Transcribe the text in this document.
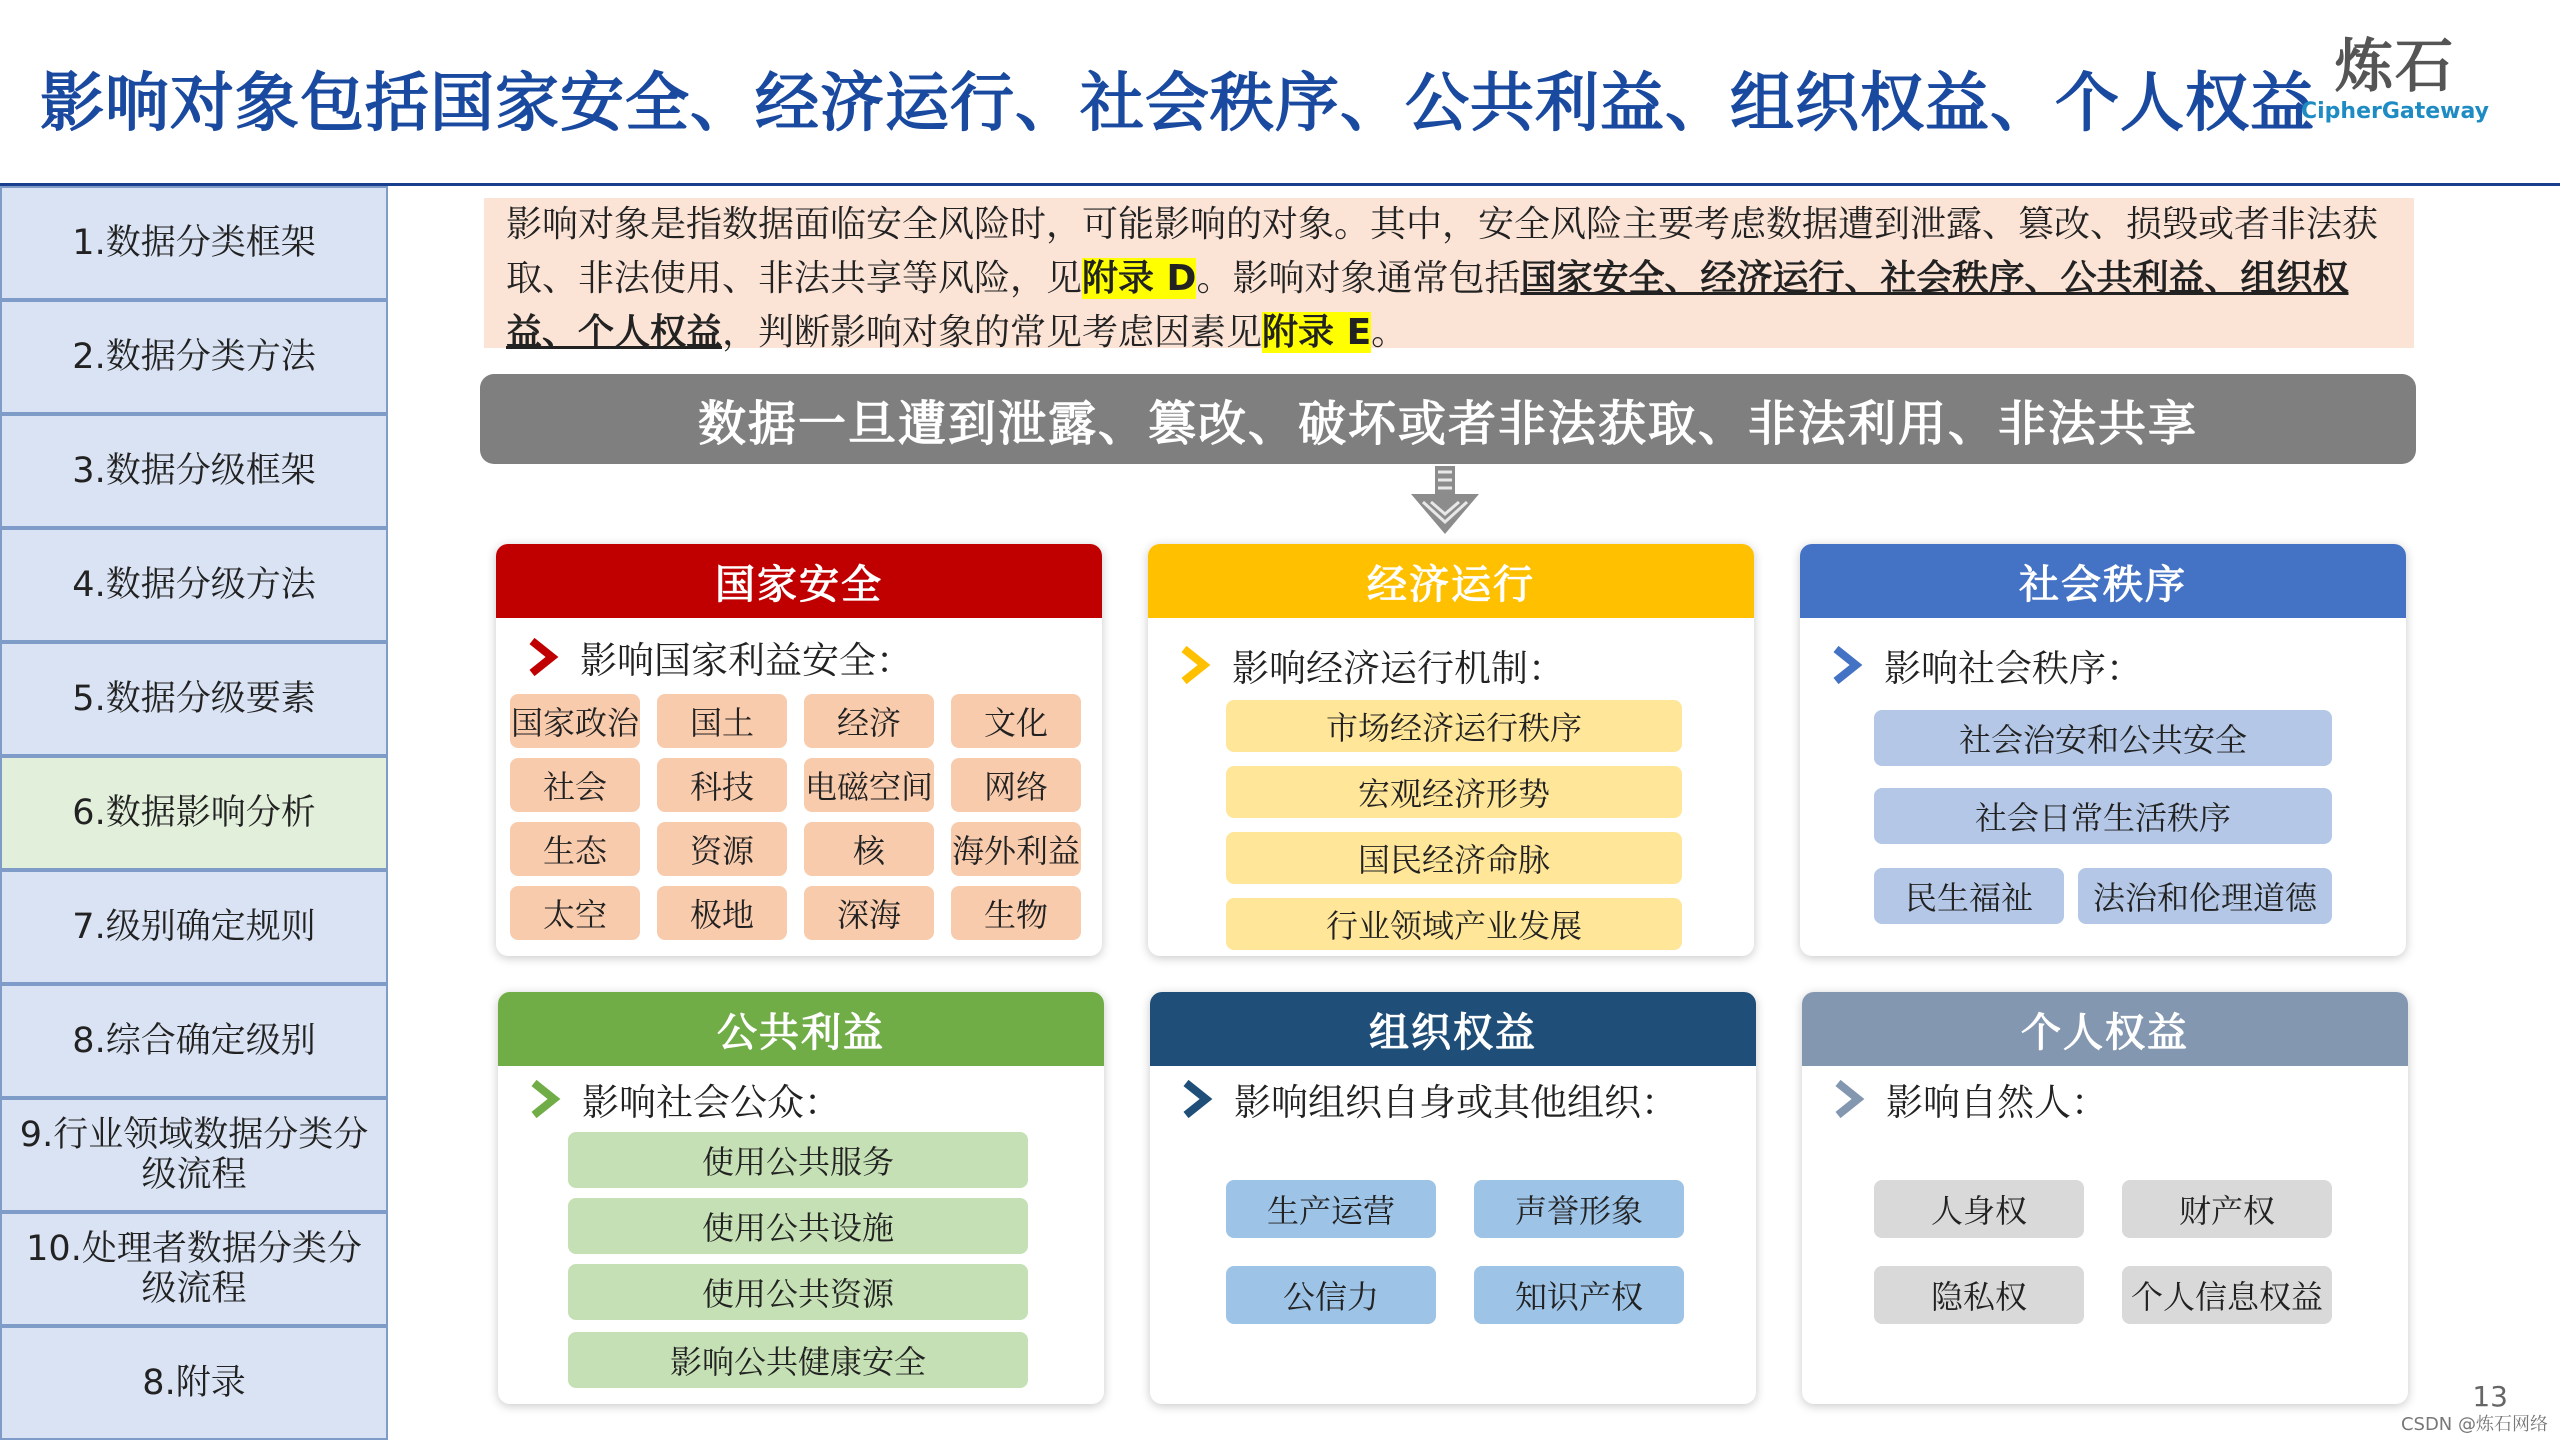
影响对象包括国家安全、经济运行、社会秩序、公共利益、组织权益、个人权益
炼石
CipherGateway
1.数据分类框架
2.数据分类方法
3.数据分级框架
4.数据分级方法
5.数据分级要素
6.数据影响分析
7.级别确定规则
8.综合确定级别
9.行业领域数据分类分级流程
10.处理者数据分类分级流程
8.附录
影响对象是指数据面临安全风险时，可能影响的对象。其中，安全风险主要考虑数据遭到泄露、篡改、损毁或者非法获取、非法使用、非法共享等风险，见附录 D。影响对象通常包括国家安全、经济运行、社会秩序、公共利益、组织权益、个人权益，判断影响对象的常见考虑因素见附录 E。
数据一旦遭到泄露、篡改、破坏或者非法获取、非法利用、非法共享
国家安全
影响国家利益安全：
国家政治	国土	经济	文化
社会	科技	电磁空间	网络
生态	资源	核	海外利益
太空	极地	深海	生物
经济运行
影响经济运行机制：
市场经济运行秩序
宏观经济形势
国民经济命脉
行业领域产业发展
社会秩序
影响社会秩序：
社会治安和公共安全
社会日常生活秩序
民生福祉	法治和伦理道德
公共利益
影响社会公众：
使用公共服务
使用公共设施
使用公共资源
影响公共健康安全
组织权益
影响组织自身或其他组织：
生产运营	声誉形象
公信力	知识产权
个人权益
影响自然人：
人身权	财产权
隐私权	个人信息权益
13
CSDN @炼石网络
